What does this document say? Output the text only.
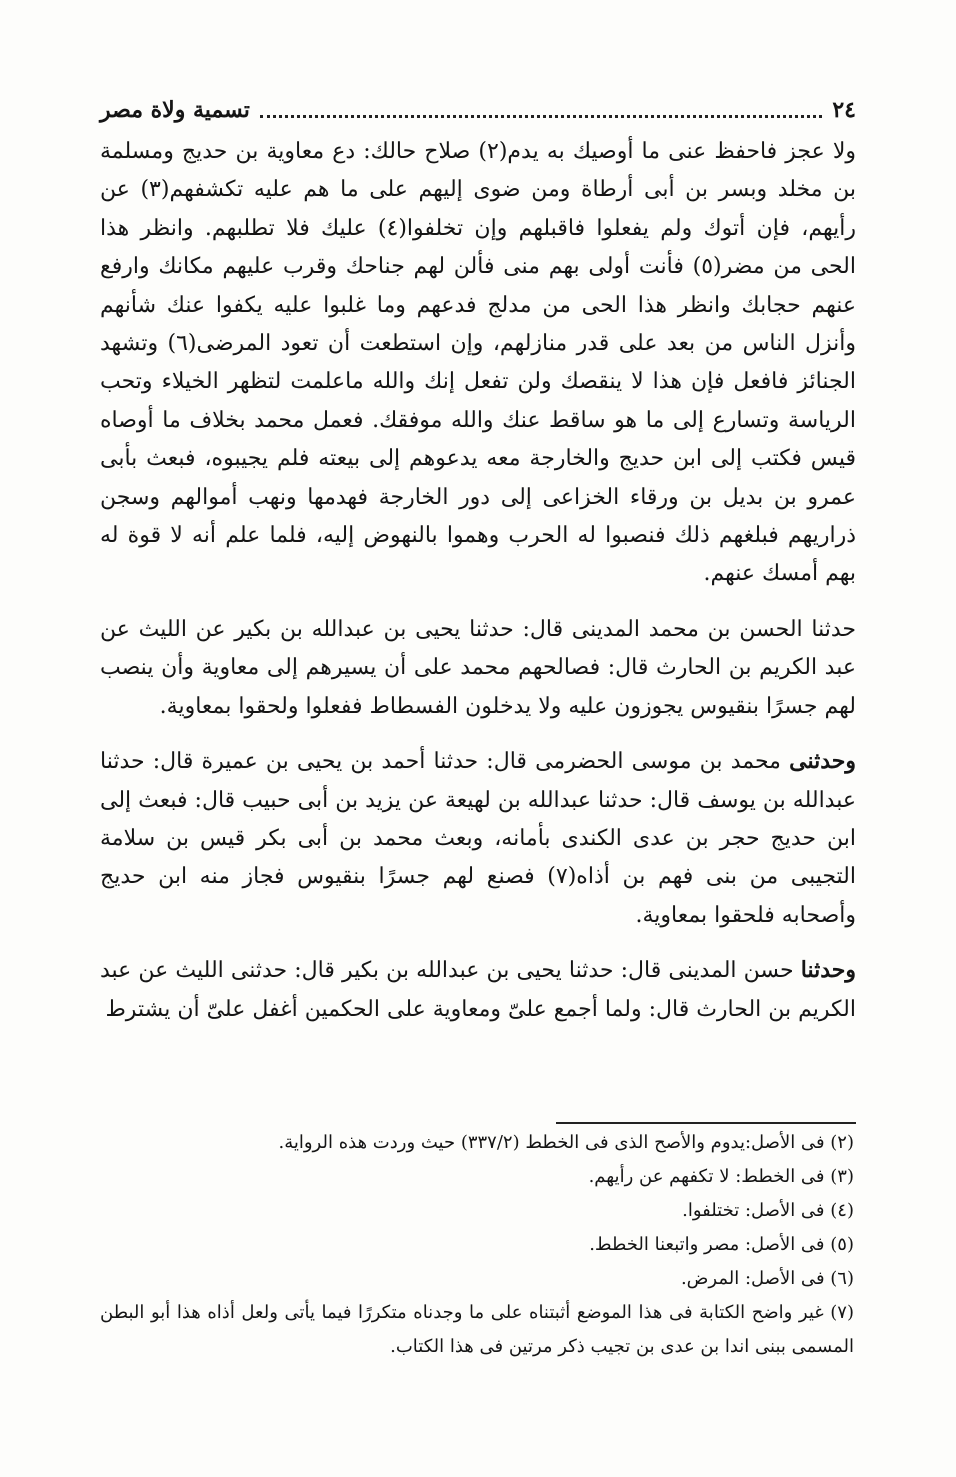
٢٤
تسمية ولاة مصر

ولا عجز فاحفظ عنى ما أوصيك به يدم(٢) صلاح حالك: دع معاوية بن حديج ومسلمة بن مخلد وبسر بن أبى أرطاة ومن ضوى إليهم على ما هم عليه تكشفهم(٣) عن رأيهم، فإن أتوك ولم يفعلوا فاقبلهم وإن تخلفوا(٤) عليك فلا تطلبهم. وانظر هذا الحى من مضر(٥) فأنت أولى بهم منى فألن لهم جناحك وقرب عليهم مكانك وارفع عنهم حجابك وانظر هذا الحى من مدلج فدعهم وما غلبوا عليه يكفوا عنك شأنهم وأنزل الناس من بعد على قدر منازلهم، وإن استطعت أن تعود المرضى(٦) وتشهد الجنائز فافعل فإن هذا لا ينقصك ولن تفعل إنك والله ماعلمت لتظهر الخيلاء وتحب الرياسة وتسارع إلى ما هو ساقط عنك والله موفقك. فعمل محمد بخلاف ما أوصاه قيس فكتب إلى ابن حديج والخارجة معه يدعوهم إلى بيعته فلم يجيبوه، فبعث بأبى عمرو بن بديل بن ورقاء الخزاعى إلى دور الخارجة فهدمها ونهب أموالهم وسجن ذراريهم فبلغهم ذلك فنصبوا له الحرب وهموا بالنهوض إليه، فلما علم أنه لا قوة له بهم أمسك عنهم.

حدثنا الحسن بن محمد المدينى قال: حدثنا يحيى بن عبدالله بن بكير عن الليث عن عبد الكريم بن الحارث قال: فصالحهم محمد على أن يسيرهم إلى معاوية وأن ينصب لهم جسرًا بنقيوس يجوزون عليه ولا يدخلون الفسطاط ففعلوا ولحقوا بمعاوية.

وحدثنى محمد بن موسى الحضرمى قال: حدثنا أحمد بن يحيى بن عميرة قال: حدثنا عبدالله بن يوسف قال: حدثنا عبدالله بن لهيعة عن يزيد بن أبى حبيب قال: فبعث إلى ابن حديج حجر بن عدى الكندى بأمانه، وبعث محمد بن أبى بكر قيس بن سلامة التجيبى من بنى فهم بن أذاه(٧) فصنع لهم جسرًا بنقيوس فجاز منه ابن حديج وأصحابه فلحقوا بمعاوية.

وحدثنا حسن المدينى قال: حدثنا يحيى بن عبدالله بن بكير قال: حدثنى الليث عن عبد الكريم بن الحارث قال: ولما أجمع علىّ ومعاوية على الحكمين أغفل علىّ أن يشترط

(٢) فى الأصل:يدوم والأصح الذى فى الخطط (٣٣٧/٢) حيث وردت هذه الرواية.

(٣) فى الخطط: لا تكفهم عن رأيهم.

(٤) فى الأصل: تختلفوا.

(٥) فى الأصل: مصر واتبعنا الخطط.

(٦) فى الأصل: المرض.

(٧) غير واضح الكتابة فى هذا الموضع أثبتناه على ما وجدناه متكررًا فيما يأتى ولعل أذاه هذا أبو البطن المسمى ببنى اندا بن عدى بن تجيب ذكر مرتين فى هذا الكتاب.
